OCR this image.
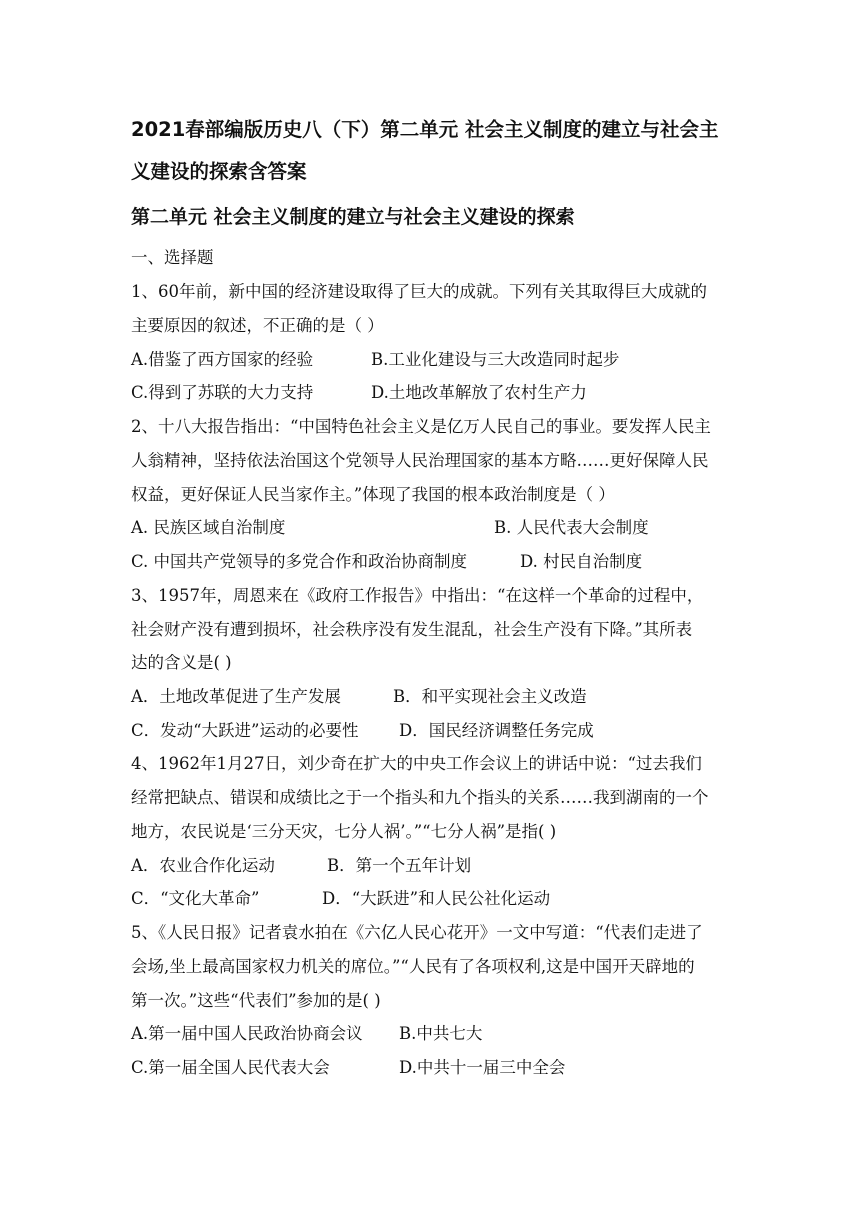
2021春部编版历史八（下）第二单元 社会主义制度的建立与社会主
义建设的探索含答案
第二单元 社会主义制度的建立与社会主义建设的探索
一、选择题
1、60年前，新中国的经济建设取得了巨大的成就。下列有关其取得巨大成就的
主要原因的叙述，不正确的是（ ）
A.借鉴了西方国家的经验	B.工业化建设与三大改造同时起步
C.得到了苏联的大力支持	D.土地改革解放了农村生产力
2、十八大报告指出：“中国特色社会主义是亿万人民自己的事业。要发挥人民主
人翁精神，坚持依法治国这个党领导人民治理国家的基本方略……更好保障人民
权益，更好保证人民当家作主。”体现了我国的根本政治制度是（ ）
A. 民族区域自治制度	B. 人民代表大会制度
C. 中国共产党领导的多党合作和政治协商制度	D. 村民自治制度
3、1957年，周恩来在《政府工作报告》中指出：“在这样一个革命的过程中，
社会财产没有遭到损坏，社会秩序没有发生混乱，社会生产没有下降。”其所表
达的含义是( )
A．土地改革促进了生产发展	B．和平实现社会主义改造
C．发动“大跃进”运动的必要性 D．国民经济调整任务完成
4、1962年1月27日，刘少奇在扩大的中央工作会议上的讲话中说：“过去我们
经常把缺点、错误和成绩比之于一个指头和九个指头的关系……我到湖南的一个
地方，农民说是‘三分天灾，七分人祸’。”“七分人祸”是指( )
A．农业合作化运动	B．第一个五年计划
C．“文化大革命”	D．“大跃进”和人民公社化运动
5、《人民日报》记者袁水拍在《六亿人民心花开》一文中写道：“代表们走进了
会场,坐上最高国家权力机关的席位。”“人民有了各项权利,这是中国开天辟地的
第一次。”这些“代表们”参加的是( )
A.第一届中国人民政治协商会议 B.中共七大
C.第一届全国人民代表大会	D.中共十一届三中全会
